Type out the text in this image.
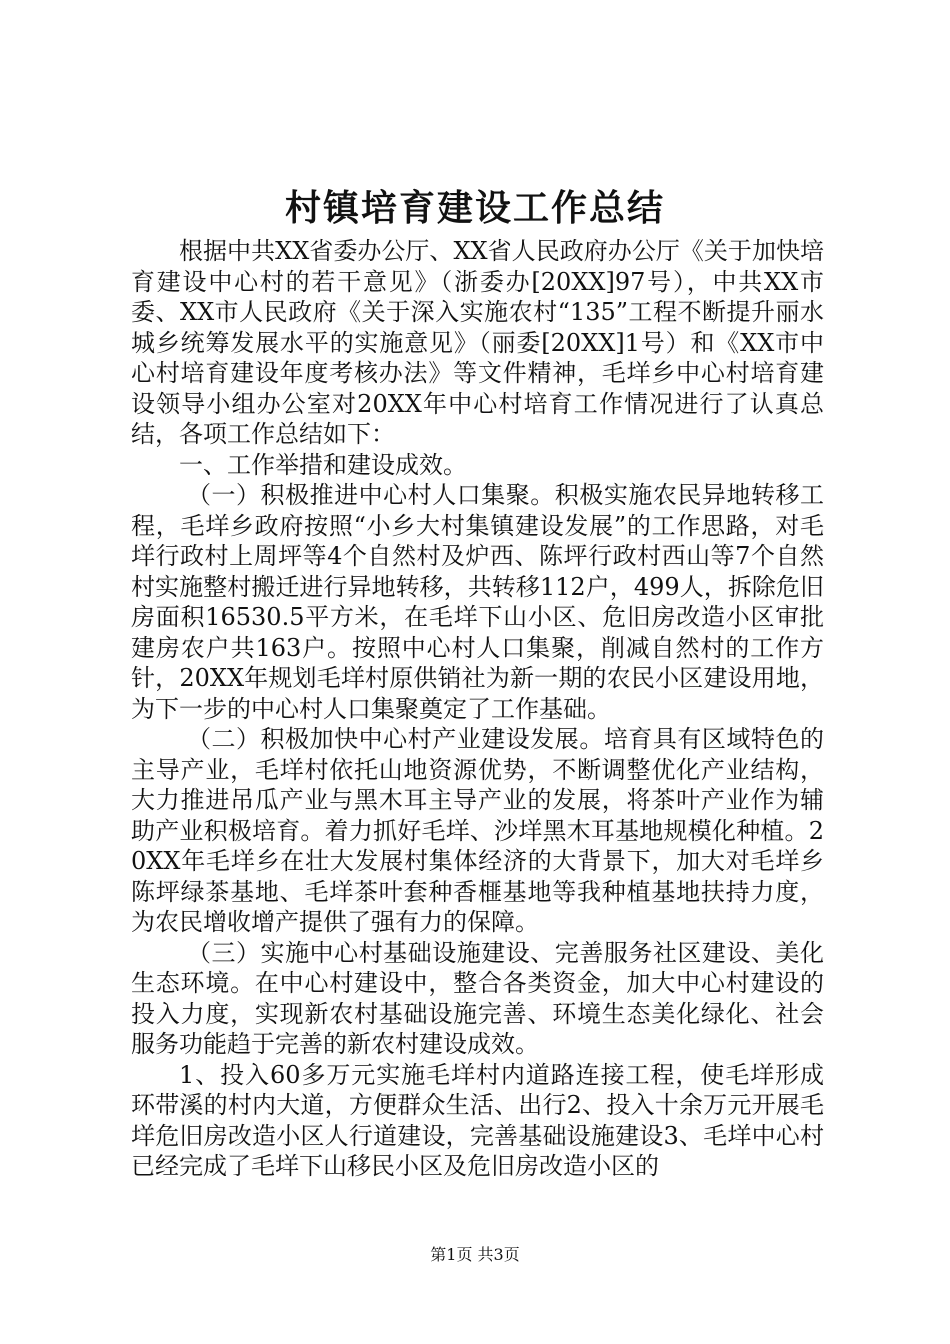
村镇培育建设工作总结

根据中共XX省委办公厅、XX省人民政府办公厅《关于加快培育建设中心村的若干意见》（浙委办[20XX]97号），中共XX市委、XX市人民政府《关于深入实施农村“135”工程不断提升丽水城乡统筹发展水平的实施意见》（丽委[20XX]1号）和《XX市中心村培育建设年度考核办法》等文件精神，毛垟乡中心村培育建设领导小组办公室对20XX年中心村培育工作情况进行了认真总结，各项工作总结如下：

一、工作举措和建设成效。

（一）积极推进中心村人口集聚。积极实施农民异地转移工程，毛垟乡政府按照“小乡大村集镇建设发展”的工作思路，对毛垟行政村上周坪等4个自然村及炉西、陈坪行政村西山等7个自然村实施整村搬迁进行异地转移，共转移112户，499人，拆除危旧房面积16530.5平方米，在毛垟下山小区、危旧房改造小区审批建房农户共163户。按照中心村人口集聚，削减自然村的工作方针，20XX年规划毛垟村原供销社为新一期的农民小区建设用地，为下一步的中心村人口集聚奠定了工作基础。

（二）积极加快中心村产业建设发展。培育具有区域特色的主导产业，毛垟村依托山地资源优势，不断调整优化产业结构，大力推进吊瓜产业与黑木耳主导产业的发展，将茶叶产业作为辅助产业积极培育。着力抓好毛垟、沙垟黑木耳基地规模化种植。20XX年毛垟乡在壮大发展村集体经济的大背景下，加大对毛垟乡陈坪绿茶基地、毛垟茶叶套种香榧基地等我种植基地扶持力度，为农民增收增产提供了强有力的保障。

（三）实施中心村基础设施建设、完善服务社区建设、美化生态环境。在中心村建设中，整合各类资金，加大中心村建设的投入力度，实现新农村基础设施完善、环境生态美化绿化、社会服务功能趋于完善的新农村建设成效。

1、投入60多万元实施毛垟村内道路连接工程，使毛垟形成环带溪的村内大道，方便群众生活、出行2、投入十余万元开展毛垟危旧房改造小区人行道建设，完善基础设施建设3、毛垟中心村已经完成了毛垟下山移民小区及危旧房改造小区的

第1页 共3页
